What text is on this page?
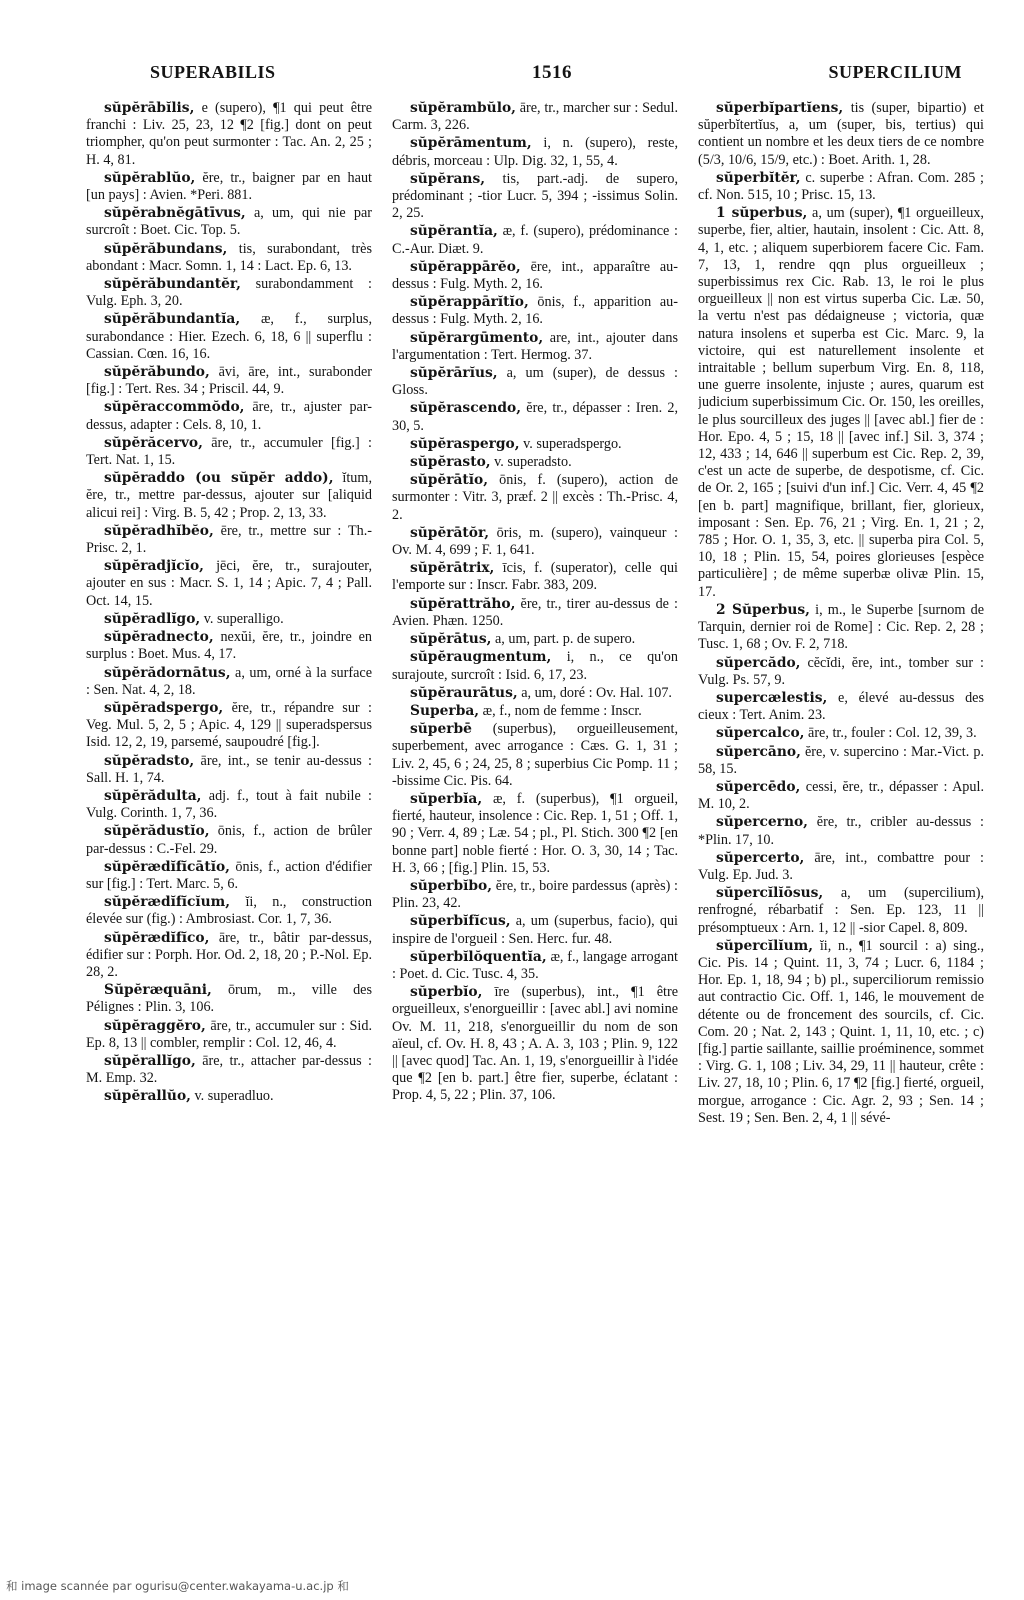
SUPERABILIS	1516	SUPERCILIUM

sŭpĕrābĭlis, e (supero), ¶1 qui peut être franchi : Liv. 25, 23, 12 ¶2 [fig.] dont on peut triompher, qu'on peut surmonter : Tac. An. 2, 25 ; H. 4, 81.

sŭpĕrablŭo, ĕre, tr., baigner par en haut [un pays] : Avien. *Peri. 881.

sŭpĕrabnĕgātīvus, a, um, qui nie par surcroît : Boet. Cic. Top. 5.

sŭpĕrăbundans, tis, surabondant, très abondant : Macr. Somn. 1, 14 : Lact. Ep. 6, 13.

sŭpĕrăbundantĕr, surabondamment : Vulg. Eph. 3, 20.

sŭpĕrăbundantĭa, æ, f., surplus, surabondance : Hier. Ezech. 6, 18, 6 || superflu : Cassian. Cœn. 16, 16.

sŭpĕrăbundo, āvi, āre, int., surabonder [fig.] : Tert. Res. 34 ; Priscil. 44, 9.

sŭpĕraccommŏdo, āre, tr., ajuster par-dessus, adapter : Cels. 8, 10, 1.

sŭpĕrăcervo, āre, tr., accumuler [fig.] : Tert. Nat. 1, 15.

sŭpĕraddo (ou sŭpĕr addo), ĭtum, ĕre, tr., mettre par-dessus, ajouter sur [aliquid alicui rei] : Virg. B. 5, 42 ; Prop. 2, 13, 33.

sŭpĕradhĭbĕo, ēre, tr., mettre sur : Th.-Prisc. 2, 1.

sŭpĕradjĭcĭo, jēci, ĕre, tr., surajouter, ajouter en sus : Macr. S. 1, 14 ; Apic. 7, 4 ; Pall. Oct. 14, 15.

sŭpĕradlĭgo, v. superalligo.

sŭpĕradnecto, nexŭi, ĕre, tr., joindre en surplus : Boet. Mus. 4, 17.

sŭpĕrădornātus, a, um, orné à la surface : Sen. Nat. 4, 2, 18.

sŭpĕradspergo, ĕre, tr., répandre sur : Veg. Mul. 5, 2, 5 ; Apic. 4, 129 || superadspersus Isid. 12, 2, 19, parsemé, saupoudré [fig.].

sŭpĕradsto, āre, int., se tenir au-dessus : Sall. H. 1, 74.

sŭpĕrădulta, adj. f., tout à fait nubile : Vulg. Corinth. 1, 7, 36.

sŭpĕrădustĭo, ōnis, f., action de brûler par-dessus : C.-Fel. 29.

sŭpĕrædĭfĭcātĭo, ōnis, f., action d'édifier sur [fig.] : Tert. Marc. 5, 6.

sŭpĕrædĭfĭcĭum, ĭi, n., construction élevée sur (fig.) : Ambrosiast. Cor. 1, 7, 36.

sŭpĕrædĭfĭco, āre, tr., bâtir par-dessus, édifier sur : Porph. Hor. Od. 2, 18, 20 ; P.-Nol. Ep. 28, 2.

Sŭpĕræquāni, ōrum, m., ville des Pélignes : Plin. 3, 106.

sŭpĕraggĕro, āre, tr., accumuler sur : Sid. Ep. 8, 13 || combler, remplir : Col. 12, 46, 4.

sŭpĕrallĭgo, āre, tr., attacher par-dessus : M. Emp. 32.

sŭpĕrallŭo, v. superadluo.

sŭpĕrambŭlo, āre, tr., marcher sur : Sedul. Carm. 3, 226.

sŭpĕrāmentum, i, n. (supero), reste, débris, morceau : Ulp. Dig. 32, 1, 55, 4.

sŭpĕrans, tis, part.-adj. de supero, prédominant ; -tior Lucr. 5, 394 ; -issimus Solin. 2, 25.

sŭpĕrantĭa, æ, f. (supero), prédominance : C.-Aur. Diæt. 9.

sŭpĕrappārĕo, ēre, int., apparaître au-dessus : Fulg. Myth. 2, 16.

sŭpĕrappārĭtĭo, ōnis, f., apparition au-dessus : Fulg. Myth. 2, 16.

sŭpĕrargūmento, are, int., ajouter dans l'argumentation : Tert. Hermog. 37.

sŭpĕrārĭus, a, um (super), de dessus : Gloss.

sŭpĕrascendo, ĕre, tr., dépasser : Iren. 2, 30, 5.

sŭpĕraspergo, v. superadspergo.

sŭpĕrasto, v. superadsto.

sŭpĕrātĭo, ōnis, f. (supero), action de surmonter : Vitr. 3, præf. 2 || excès : Th.-Prisc. 4, 2.

sŭpĕrātŏr, ōris, m. (supero), vainqueur : Ov. M. 4, 699 ; F. 1, 641.

sŭpĕrātrix, īcis, f. (superator), celle qui l'emporte sur : Inscr. Fabr. 383, 209.

sŭpĕrattrăho, ĕre, tr., tirer au-dessus de : Avien. Phæn. 1250.

sŭpĕrātus, a, um, part. p. de supero.

sŭpĕraugmentum, i, n., ce qu'on surajoute, surcroît : Isid. 6, 17, 23.

sŭpĕraurātus, a, um, doré : Ov. Hal. 107.

Superba, æ, f., nom de femme : Inscr.

sŭperbē (superbus), orgueilleusement, superbement, avec arrogance : Cæs. G. 1, 31 ; Liv. 2, 45, 6 ; 24, 25, 8 ; superbius Cic Pomp. 11 ; -bissime Cic. Pis. 64.

sŭperbĭa, æ, f. (superbus), ¶1 orgueil, fierté, hauteur, insolence : Cic. Rep. 1, 51 ; Off. 1, 90 ; Verr. 4, 89 ; Læ. 54 ; pl., Pl. Stich. 300 ¶2 [en bonne part] noble fierté : Hor. O. 3, 30, 14 ; Tac. H. 3, 66 ; [fig.] Plin. 15, 53.

sŭperbĭbo, ĕre, tr., boire pardessus (après) : Plin. 23, 42.

sŭperbĭfĭcus, a, um (superbus, facio), qui inspire de l'orgueil : Sen. Herc. fur. 48.

sŭperbĭlŏquentĭa, æ, f., langage arrogant : Poet. d. Cic. Tusc. 4, 35.

sŭperbĭo, īre (superbus), int., ¶1 être orgueilleux, s'enorgueillir : [avec abl.] avi nomine Ov. M. 11, 218, s'enorgueillir du nom de son aïeul, cf. Ov. H. 8, 43 ; A. A. 3, 103 ; Plin. 9, 122 || [avec quod] Tac. An. 1, 19, s'enorgueillir à l'idée que ¶2 [en b. part.] être fier, superbe, éclatant : Prop. 4, 5, 22 ; Plin. 37, 106.

sŭperbĭpartĭens, tis (super, bipartio) et sŭperbĭtertĭus, a, um (super, bis, tertius) qui contient un nombre et les deux tiers de ce nombre (5/3, 10/6, 15/9, etc.) : Boet. Arith. 1, 28.

sŭperbĭtĕr, c. superbe : Afran. Com. 285 ; cf. Non. 515, 10 ; Prisc. 15, 13.

1 sŭperbus, a, um (super), ¶1 orgueilleux, superbe, fier, altier, hautain, insolent : Cic. Att. 8, 4, 1, etc. ; aliquem superbiorem facere Cic. Fam. 7, 13, 1, rendre qqn plus orgueilleux ; superbissimus rex Cic. Rab. 13, le roi le plus orgueilleux || non est virtus superba Cic. Læ. 50, la vertu n'est pas dédaigneuse ; victoria, quæ natura insolens et superba est Cic. Marc. 9, la victoire, qui est naturellement insolente et intraitable ; bellum superbum Virg. En. 8, 118, une guerre insolente, injuste ; aures, quarum est judicium superbissimum Cic. Or. 150, les oreilles, le plus sourcilleux des juges || [avec abl.] fier de : Hor. Epo. 4, 5 ; 15, 18 || [avec inf.] Sil. 3, 374 ; 12, 433 ; 14, 646 || superbum est Cic. Rep. 2, 39, c'est un acte de superbe, de despotisme, cf. Cic. de Or. 2, 165 ; [suivi d'un inf.] Cic. Verr. 4, 45 ¶2 [en b. part] magnifique, brillant, fier, glorieux, imposant : Sen. Ep. 76, 21 ; Virg. En. 1, 21 ; 2, 785 ; Hor. O. 1, 35, 3, etc. || superba pira Col. 5, 10, 18 ; Plin. 15, 54, poires glorieuses [espèce particulière] ; de même superbæ olivæ Plin. 15, 17.

2 Sŭperbus, i, m., le Superbe [surnom de Tarquin, dernier roi de Rome] : Cic. Rep. 2, 28 ; Tusc. 1, 68 ; Ov. F. 2, 718.

sŭpercădo, cĕcĭdi, ĕre, int., tomber sur : Vulg. Ps. 57, 9.

supercælestis, e, élevé au-dessus des cieux : Tert. Anim. 23.

sŭpercalco, āre, tr., fouler : Col. 12, 39, 3.

sŭpercāno, ĕre, v. supercino : Mar.-Vict. p. 58, 15.

sŭpercēdo, cessi, ĕre, tr., dépasser : Apul. M. 10, 2.

sŭpercerno, ĕre, tr., cribler au-dessus : *Plin. 17, 10.

sŭpercerto, āre, int., combattre pour : Vulg. Ep. Jud. 3.

sŭpercĭlĭōsus, a, um (supercilium), renfrogné, rébarbatif : Sen. Ep. 123, 11 || présomptueux : Arn. 1, 12 || -sior Capel. 8, 809.

sŭpercĭlĭum, ĭi, n., ¶1 sourcil : a) sing., Cic. Pis. 14 ; Quint. 11, 3, 74 ; Lucr. 6, 1184 ; Hor. Ep. 1, 18, 94 ; b) pl., superciliorum remissio aut contractio Cic. Off. 1, 146, le mouvement de détente ou de froncement des sourcils, cf. Cic. Com. 20 ; Nat. 2, 143 ; Quint. 1, 11, 10, etc. ; c) [fig.] partie saillante, saillie proéminence, sommet : Virg. G. 1, 108 ; Liv. 34, 29, 11 || hauteur, crête : Liv. 27, 18, 10 ; Plin. 6, 17 ¶2 [fig.] fierté, orgueil, morgue, arrogance : Cic. Agr. 2, 93 ; Sen. 14 ; Sest. 19 ; Sen. Ben. 2, 4, 1 || sévé-

和 image scannée par ogurisu@center.wakayama-u.ac.jp 和
